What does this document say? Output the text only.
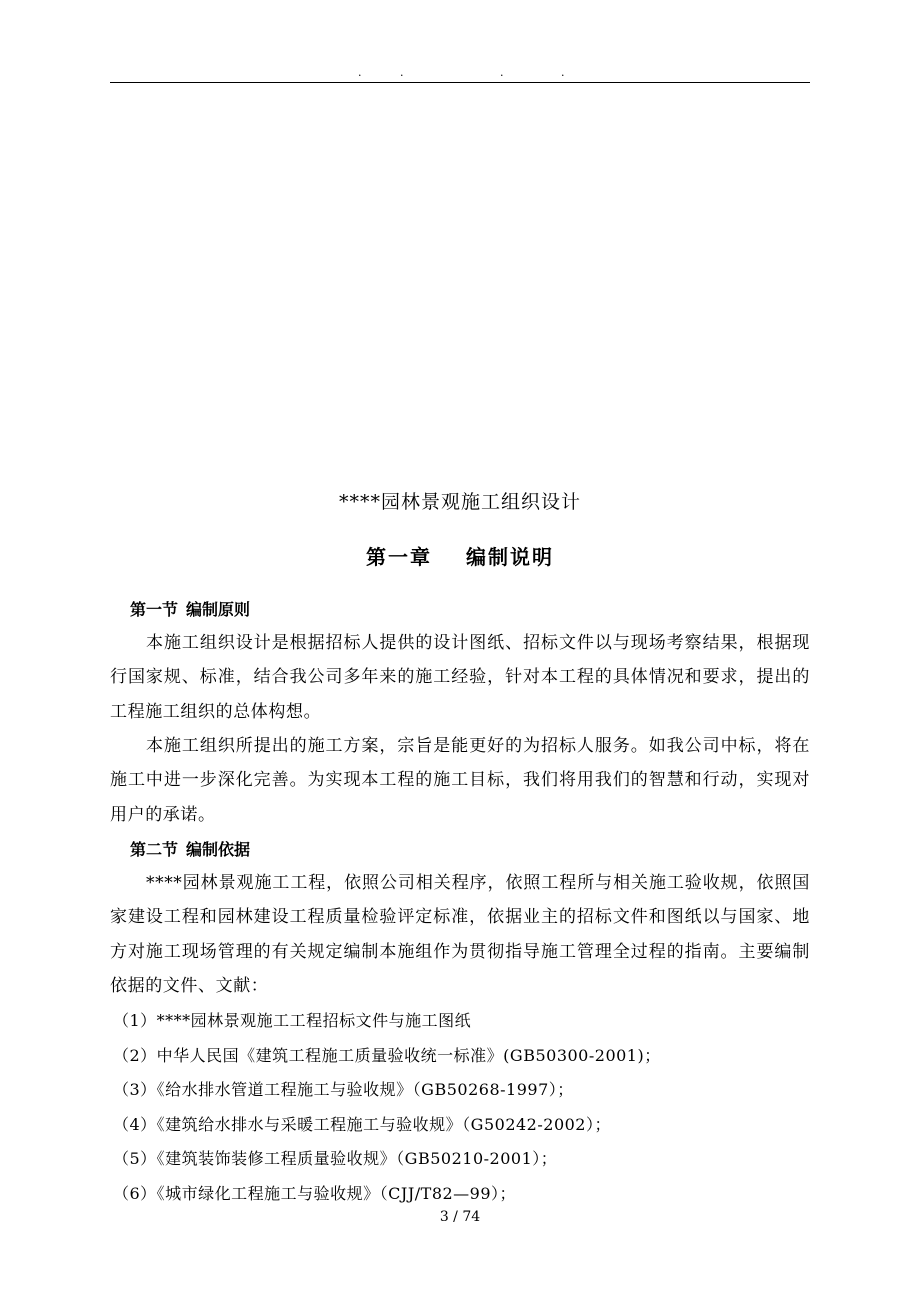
.	.	.	.
****园林景观施工组织设计
第一章 编制说明
第一节 编制原则

本施工组织设计是根据招标人提供的设计图纸、招标文件以与现场考察结果，根据现行国家规、标准，结合我公司多年来的施工经验，针对本工程的具体情况和要求，提出的工程施工组织的总体构想。

本施工组织所提出的施工方案，宗旨是能更好的为招标人服务。如我公司中标，将在施工中进一步深化完善。为实现本工程的施工目标，我们将用我们的智慧和行动，实现对用户的承诺。

第二节 编制依据

****园林景观施工工程，依照公司相关程序，依照工程所与相关施工验收规，依照国家建设工程和园林建设工程质量检验评定标准，依据业主的招标文件和图纸以与国家、地方对施工现场管理的有关规定编制本施组作为贯彻指导施工管理全过程的指南。主要编制依据的文件、文献：

（1）****园林景观施工工程招标文件与施工图纸
（2）中华人民国《建筑工程施工质量验收统一标准》(GB50300-2001)；
（3）《给水排水管道工程施工与验收规》（GB50268-1997）；
（4）《建筑给水排水与采暖工程施工与验收规》（G50242-2002）；
（5）《建筑装饰装修工程质量验收规》（GB50210-2001）；
（6）《城市绿化工程施工与验收规》（CJJ/T82—99）；
3 / 74
